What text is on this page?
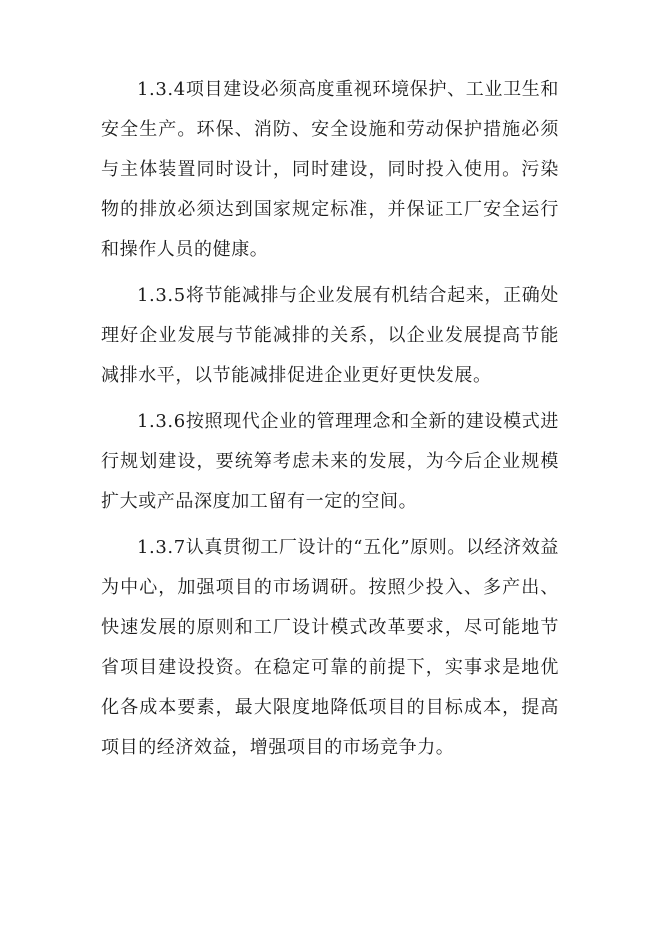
1.3.4项目建设必须高度重视环境保护、工业卫生和安全生产。环保、消防、安全设施和劳动保护措施必须与主体装置同时设计，同时建设，同时投入使用。污染物的排放必须达到国家规定标准，并保证工厂安全运行和操作人员的健康。

1.3.5将节能减排与企业发展有机结合起来，正确处理好企业发展与节能减排的关系，以企业发展提高节能减排水平，以节能减排促进企业更好更快发展。

1.3.6按照现代企业的管理理念和全新的建设模式进行规划建设，要统筹考虑未来的发展，为今后企业规模扩大或产品深度加工留有一定的空间。

1.3.7认真贯彻工厂设计的“五化”原则。以经济效益为中心，加强项目的市场调研。按照少投入、多产出、快速发展的原则和工厂设计模式改革要求，尽可能地节省项目建设投资。在稳定可靠的前提下，实事求是地优化各成本要素，最大限度地降低项目的目标成本，提高项目的经济效益，增强项目的市场竞争力。
